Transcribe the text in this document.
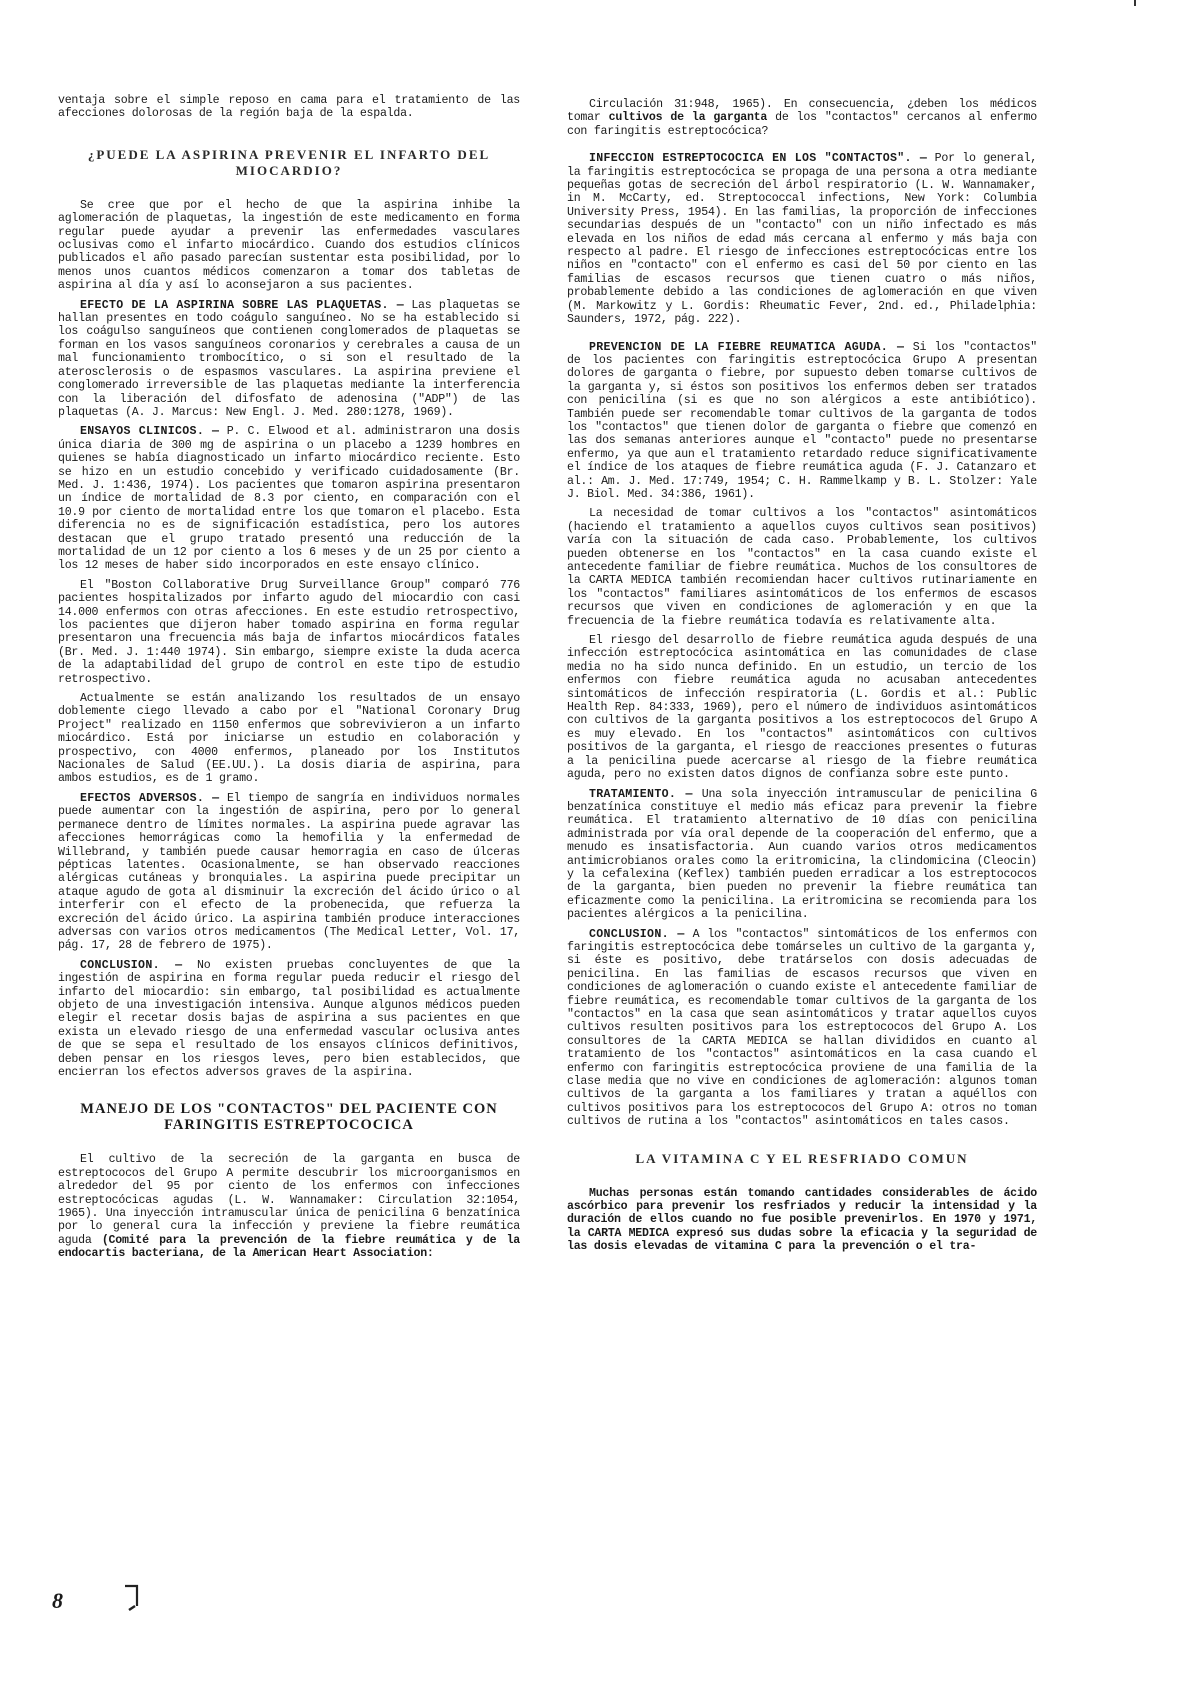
ventaja sobre el simple reposo en cama para el tratamiento de las afecciones dolorosas de la región baja de la espalda.

¿PUEDE LA ASPIRINA PREVENIR EL INFARTO DEL MIOCARDIO?

Se cree que por el hecho de que la aspirina inhibe la aglomeración de plaquetas, la ingestión de este medicamento en forma regular puede ayudar a prevenir las enfermedades vasculares oclusivas como el infarto miocárdico. Cuando dos estudios clínicos publicados el año pasado parecían sustentar esta posibilidad, por lo menos unos cuantos médicos comenzaron a tomar dos tabletas de aspirina al día y así lo aconsejaron a sus pacientes.

EFECTO DE LA ASPIRINA SOBRE LAS PLAQUETAS. — Las plaquetas se hallan presentes en todo coágulo sanguíneo. No se ha establecido si los coágulso sanguíneos que contienen conglomerados de plaquetas se forman en los vasos sanguíneos coronarios y cerebrales a causa de un mal funcionamiento trombocítico, o si son el resultado de la aterosclerosis o de espasmos vasculares. La aspirina previene el conglomerado irreversible de las plaquetas mediante la interferencia con la liberación del difosfato de adenosina ("ADP") de las plaquetas (A. J. Marcus: New Engl. J. Med. 280:1278, 1969).

ENSAYOS CLINICOS. — P. C. Elwood et al. administraron una dosis única diaria de 300 mg de aspirina o un placebo a 1239 hombres en quienes se había diagnosticado un infarto miocárdico reciente. Esto se hizo en un estudio concebido y verificado cuidadosamente (Br. Med. J. 1:436, 1974). Los pacientes que tomaron aspirina presentaron un índice de mortalidad de 8.3 por ciento, en comparación con el 10.9 por ciento de mortalidad entre los que tomaron el placebo. Esta diferencia no es de significación estadística, pero los autores destacan que el grupo tratado presentó una reducción de la mortalidad de un 12 por ciento a los 6 meses y de un 25 por ciento a los 12 meses de haber sido incorporados en este ensayo clínico.

El "Boston Collaborative Drug Surveillance Group" comparó 776 pacientes hospitalizados por infarto agudo del miocardio con casi 14.000 enfermos con otras afecciones. En este estudio retrospectivo, los pacientes que dijeron haber tomado aspirina en forma regular presentaron una frecuencia más baja de infartos miocárdicos fatales (Br. Med. J. 1:440 1974). Sin embargo, siempre existe la duda acerca de la adaptabilidad del grupo de control en este tipo de estudio retrospectivo.

Actualmente se están analizando los resultados de un ensayo doblemente ciego llevado a cabo por el "National Coronary Drug Project" realizado en 1150 enfermos que sobrevivieron a un infarto miocárdico. Está por iniciarse un estudio en colaboración y prospectivo, con 4000 enfermos, planeado por los Institutos Nacionales de Salud (EE.UU.). La dosis diaria de aspirina, para ambos estudios, es de 1 gramo.

EFECTOS ADVERSOS. — El tiempo de sangría en individuos normales puede aumentar con la ingestión de aspirina, pero por lo general permanece dentro de límites normales. La aspirina puede agravar las afecciones hemorrágicas como la hemofilia y la enfermedad de Willebrand, y también puede causar hemorragia en caso de úlceras pépticas latentes. Ocasionalmente, se han observado reacciones alérgicas cutáneas y bronquiales. La aspirina puede precipitar un ataque agudo de gota al disminuir la excreción del ácido úrico o al interferir con el efecto de la probenecida, que refuerza la excreción del ácido úrico. La aspirina también produce interacciones adversas con varios otros medicamentos (The Medical Letter, Vol. 17, pág. 17, 28 de febrero de 1975).

CONCLUSION. — No existen pruebas concluyentes de que la ingestión de aspirina en forma regular pueda reducir el riesgo del infarto del miocardio: sin embargo, tal posibilidad es actualmente objeto de una investigación intensiva. Aunque algunos médicos pueden elegir el recetar dosis bajas de aspirina a sus pacientes en que exista un elevado riesgo de una enfermedad vascular oclusiva antes de que se sepa el resultado de los ensayos clínicos definitivos, deben pensar en los riesgos leves, pero bien establecidos, que encierran los efectos adversos graves de la aspirina.

MANEJO DE LOS "CONTACTOS" DEL PACIENTE CON FARINGITIS ESTREPTOCOCICA

El cultivo de la secreción de la garganta en busca de estreptococos del Grupo A permite descubrir los microorganismos en alrededor del 95 por ciento de los enfermos con infecciones estreptocócicas agudas (L. W. Wannamaker: Circulation 32:1054, 1965). Una inyección intramuscular única de penicilina G benzatínica por lo general cura la infección y previene la fiebre reumática aguda (Comité para la prevención de la fiebre reumática y de la endocartis bacteriana, de la American Heart Association:

Circulación 31:948, 1965). En consecuencia, ¿deben los médicos tomar cultivos de la garganta de los "contactos" cercanos al enfermo con faringitis estreptocócica?

INFECCION ESTREPTOCOCICA EN LOS "CONTACTOS". — Por lo general, la faringitis estreptocócica se propaga de una persona a otra mediante pequeñas gotas de secreción del árbol respiratorio (L. W. Wannamaker, in M. McCarty, ed. Streptococcal infections, New York: Columbia University Press, 1954). En las familias, la proporción de infecciones secundarias después de un "contacto" con un niño infectado es más elevada en los niños de edad más cercana al enfermo y más baja con respecto al padre. El riesgo de infecciones estreptocócicas entre los niños en "contacto" con el enfermo es casi del 50 por ciento en las familias de escasos recursos que tienen cuatro o más niños, probablemente debido a las condiciones de aglomeración en que viven (M. Markowitz y L. Gordis: Rheumatic Fever, 2nd. ed., Philadelphia: Saunders, 1972, pág. 222).

PREVENCION DE LA FIEBRE REUMATICA AGUDA. — Si los "contactos" de los pacientes con faringitis estreptocócica Grupo A presentan dolores de garganta o fiebre, por supuesto deben tomarse cultivos de la garganta y, si éstos son positivos los enfermos deben ser tratados con penicilina (si es que no son alérgicos a este antibiótico). También puede ser recomendable tomar cultivos de la garganta de todos los "contactos" que tienen dolor de garganta o fiebre que comenzó en las dos semanas anteriores aunque el "contacto" puede no presentarse enfermo, ya que aun el tratamiento retardado reduce significativamente el índice de los ataques de fiebre reumática aguda (F. J. Catanzaro et al.: Am. J. Med. 17:749, 1954; C. H. Rammelkamp y B. L. Stolzer: Yale J. Biol. Med. 34:386, 1961).

La necesidad de tomar cultivos a los "contactos" asintomáticos (haciendo el tratamiento a aquellos cuyos cultivos sean positivos) varía con la situación de cada caso. Probablemente, los cultivos pueden obtenerse en los "contactos" en la casa cuando existe el antecedente familiar de fiebre reumática. Muchos de los consultores de la CARTA MEDICA también recomiendan hacer cultivos rutinariamente en los "contactos" familiares asintomáticos de los enfermos de escasos recursos que viven en condiciones de aglomeración y en que la frecuencia de la fiebre reumática todavía es relativamente alta.

El riesgo del desarrollo de fiebre reumática aguda después de una infección estreptocócica asintomática en las comunidades de clase media no ha sido nunca definido. En un estudio, un tercio de los enfermos con fiebre reumática aguda no acusaban antecedentes sintomáticos de infección respiratoria (L. Gordis et al.: Public Health Rep. 84:333, 1969), pero el número de individuos asintomáticos con cultivos de la garganta positivos a los estreptococos del Grupo A es muy elevado. En los "contactos" asintomáticos con cultivos positivos de la garganta, el riesgo de reacciones presentes o futuras a la penicilina puede acercarse al riesgo de la fiebre reumática aguda, pero no existen datos dignos de confianza sobre este punto.

TRATAMIENTO. — Una sola inyección intramuscular de penicilina G benzatínica constituye el medio más eficaz para prevenir la fiebre reumática. El tratamiento alternativo de 10 días con penicilina administrada por vía oral depende de la cooperación del enfermo, que a menudo es insatisfactoria. Aun cuando varios otros medicamentos antimicrobianos orales como la eritromicina, la clindomicina (Cleocin) y la cefalexina (Keflex) también pueden erradicar a los estreptococos de la garganta, bien pueden no prevenir la fiebre reumática tan eficazmente como la penicilina. La eritromicina se recomienda para los pacientes alérgicos a la penicilina.

CONCLUSION. — A los "contactos" sintomáticos de los enfermos con faringitis estreptocócica debe tomárseles un cultivo de la garganta y, si éste es positivo, debe tratárselos con dosis adecuadas de penicilina. En las familias de escasos recursos que viven en condiciones de aglomeración o cuando existe el antecedente familiar de fiebre reumática, es recomendable tomar cultivos de la garganta de los "contactos" en la casa que sean asintomáticos y tratar aquellos cuyos cultivos resulten positivos para los estreptococos del Grupo A. Los consultores de la CARTA MEDICA se hallan divididos en cuanto al tratamiento de los "contactos" asintomáticos en la casa cuando el enfermo con faringitis estreptocócica proviene de una familia de la clase media que no vive en condiciones de aglomeración: algunos toman cultivos de la garganta a los familiares y tratan a aquéllos con cultivos positivos para los estreptococos del Grupo A: otros no toman cultivos de rutina a los "contactos" asintomáticos en tales casos.

LA VITAMINA C Y EL RESFRIADO COMUN

Muchas personas están tomando cantidades considerables de ácido ascórbico para prevenir los resfriados y reducir la intensidad y la duración de ellos cuando no fue posible prevenirlos. En 1970 y 1971, la CARTA MEDICA expresó sus dudas sobre la eficacia y la seguridad de las dosis elevadas de vitamina C para la prevención o el tra-

8
